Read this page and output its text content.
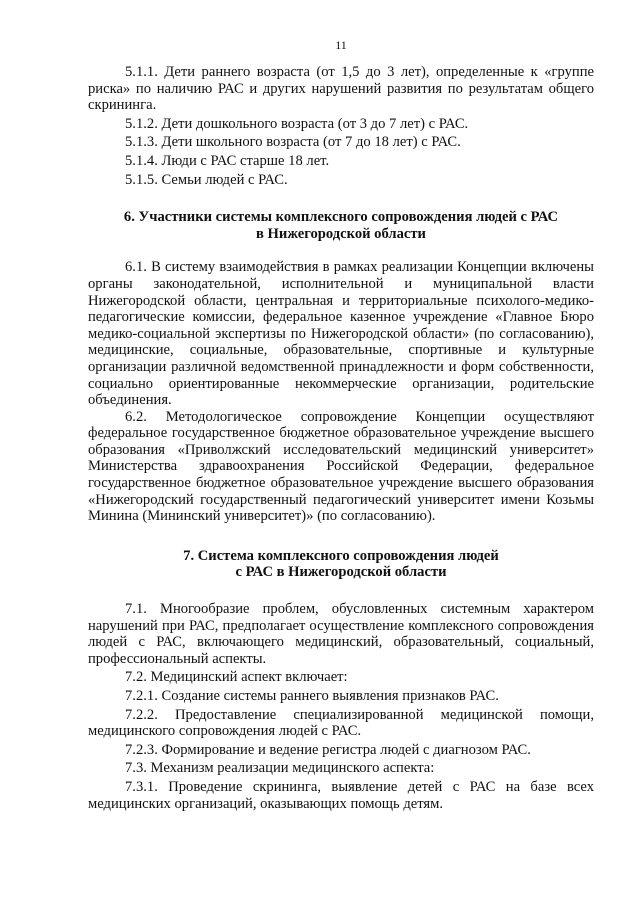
11

5.1.1. Дети раннего возраста (от 1,5 до 3 лет), определенные к «группе риска» по наличию РАС и других нарушений развития по результатам общего скрининга.

5.1.2. Дети дошкольного возраста (от 3 до 7 лет) с РАС.

5.1.3. Дети школьного возраста (от 7 до 18 лет) с РАС.

5.1.4. Люди с РАС старше 18 лет.

5.1.5. Семьи людей с РАС.

6. Участники системы комплексного сопровождения людей с РАС

в Нижегородской области

6.1. В систему взаимодействия в рамках реализации Концепции включены органы законодательной, исполнительной и муниципальной власти Нижегородской области, центральная и территориальные психолого-медико-педагогические комиссии, федеральное казенное учреждение «Главное Бюро медико-социальной экспертизы по Нижегородской области» (по согласованию), медицинские, социальные, образовательные, спортивные и культурные организации различной ведомственной принадлежности и форм собственности, социально ориентированные некоммерческие организации, родительские объединения.

6.2. Методологическое сопровождение Концепции осуществляют федеральное государственное бюджетное образовательное учреждение высшего образования «Приволжский исследовательский медицинский университет» Министерства здравоохранения Российской Федерации, федеральное государственное бюджетное образовательное учреждение высшего образования «Нижегородский государственный педагогический университет имени Козьмы Минина (Мининский университет)» (по согласованию).

7. Система комплексного сопровождения людей

с РАС в Нижегородской области

7.1. Многообразие проблем, обусловленных системным характером нарушений при РАС, предполагает осуществление комплексного сопровождения людей с РАС, включающего медицинский, образовательный, социальный, профессиональный аспекты.

7.2. Медицинский аспект включает:

7.2.1. Создание системы раннего выявления признаков РАС.

7.2.2. Предоставление специализированной медицинской помощи, медицинского сопровождения людей с РАС.

7.2.3. Формирование и ведение регистра людей с диагнозом РАС.

7.3. Механизм реализации медицинского аспекта:

7.3.1. Проведение скрининга, выявление детей с РАС на базе всех медицинских организаций, оказывающих помощь детям.
